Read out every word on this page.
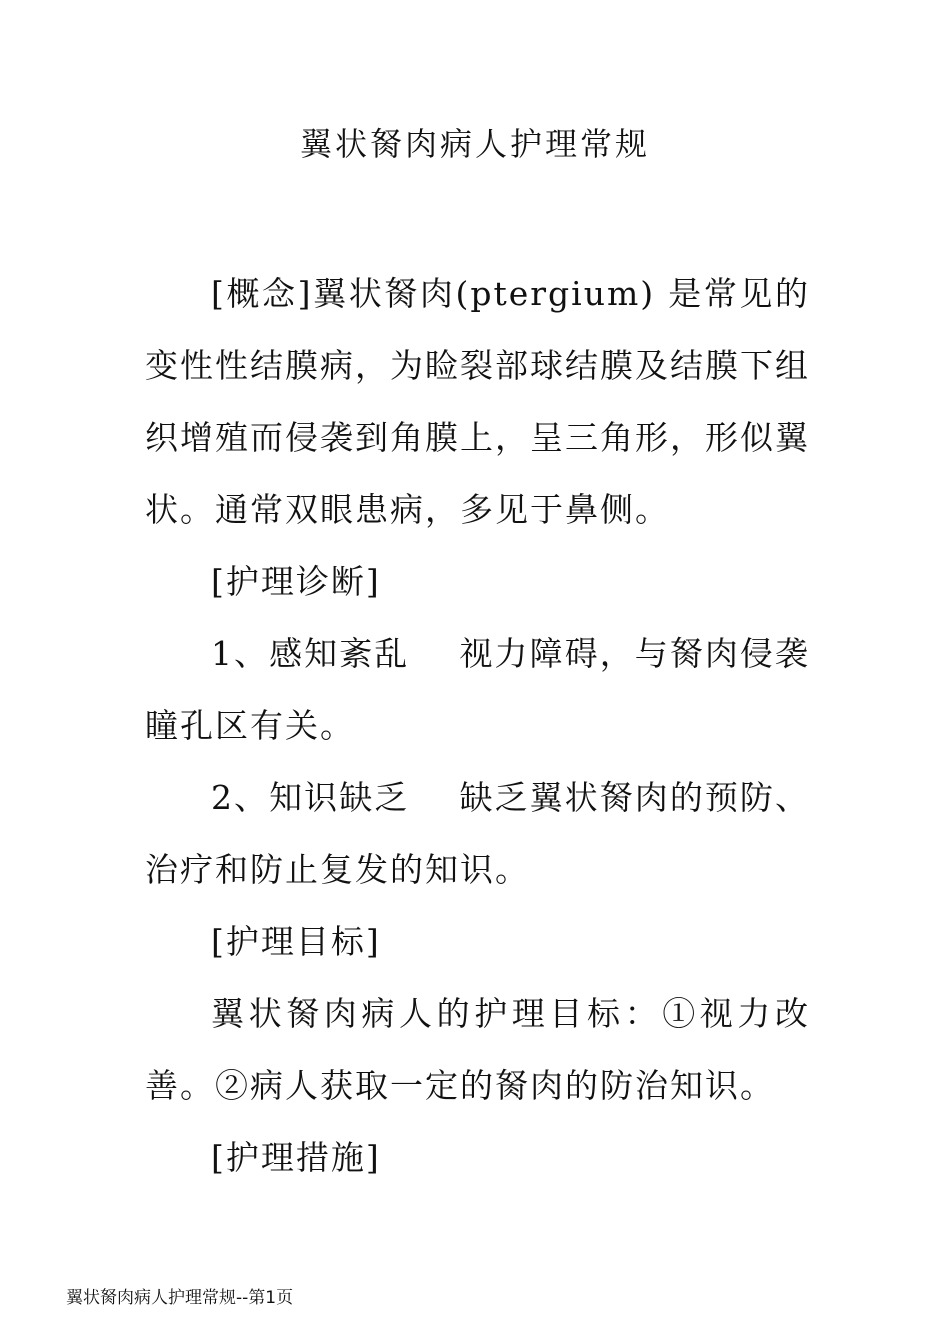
翼状胬肉病人护理常规

[概念]翼状胬肉(ptergium) 是常见的变性性结膜病，为睑裂部球结膜及结膜下组织增殖而侵袭到角膜上，呈三角形，形似翼状。通常双眼患病，多见于鼻侧。

[护理诊断]

1、感知紊乱    视力障碍，与胬肉侵袭瞳孔区有关。

2、知识缺乏    缺乏翼状胬肉的预防、治疗和防止复发的知识。

[护理目标]

翼状胬肉病人的护理目标：①视力改善。②病人获取一定的胬肉的防治知识。

[护理措施]

翼状胬肉病人护理常规--第1页
